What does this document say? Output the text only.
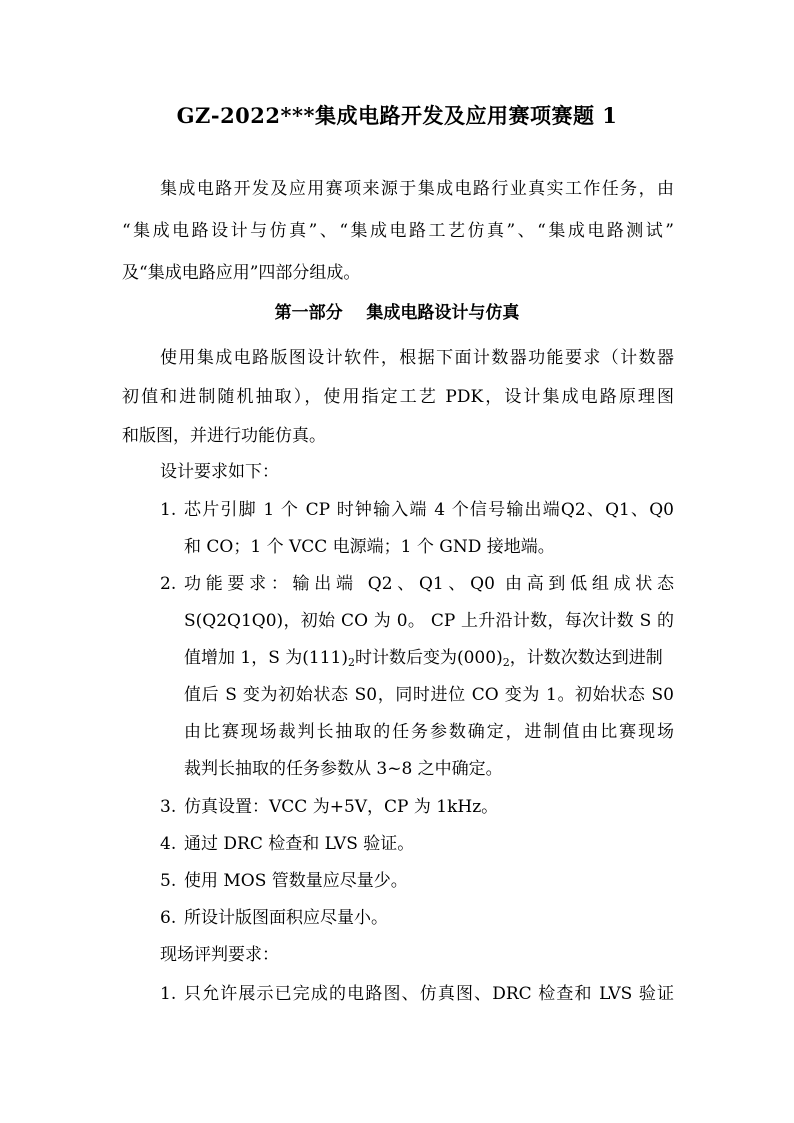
GZ-2022***集成电路开发及应用赛项赛题 1
集成电路开发及应用赛项来源于集成电路行业真实工作任务，由
“集成电路设计与仿真”、“集成电路工艺仿真”、“集成电路测试”
及“集成电路应用”四部分组成。
第一部分    集成电路设计与仿真
使用集成电路版图设计软件，根据下面计数器功能要求（计数器
初值和进制随机抽取），使用指定工艺 PDK，设计集成电路原理图
和版图，并进行功能仿真。
设计要求如下：
1. 芯片引脚 1 个 CP 时钟输入端 4 个信号输出端Q2、Q1、Q0
和 CO；1 个 VCC 电源端；1 个 GND 接地端。
2. 功能要求：输出端 Q2、Q1、Q0 由高到低组成状态
S(Q2Q1Q0)，初始 CO 为 0。 CP 上升沿计数，每次计数 S 的
值增加 1，S 为$(111)_2$时计数后变为$(000)_2$，计数次数达到进制
值后 S 变为初始状态 S0，同时进位 CO 变为 1。初始状态 S0
由比赛现场裁判长抽取的任务参数确定，进制值由比赛现场
裁判长抽取的任务参数从 3~8 之中确定。
3. 仿真设置：VCC 为+5V，CP 为 1kHz。
4. 通过 DRC 检查和 LVS 验证。
5. 使用 MOS 管数量应尽量少。
6. 所设计版图面积应尽量小。
现场评判要求：
1. 只允许展示已完成的电路图、仿真图、DRC 检查和 LVS 验证
